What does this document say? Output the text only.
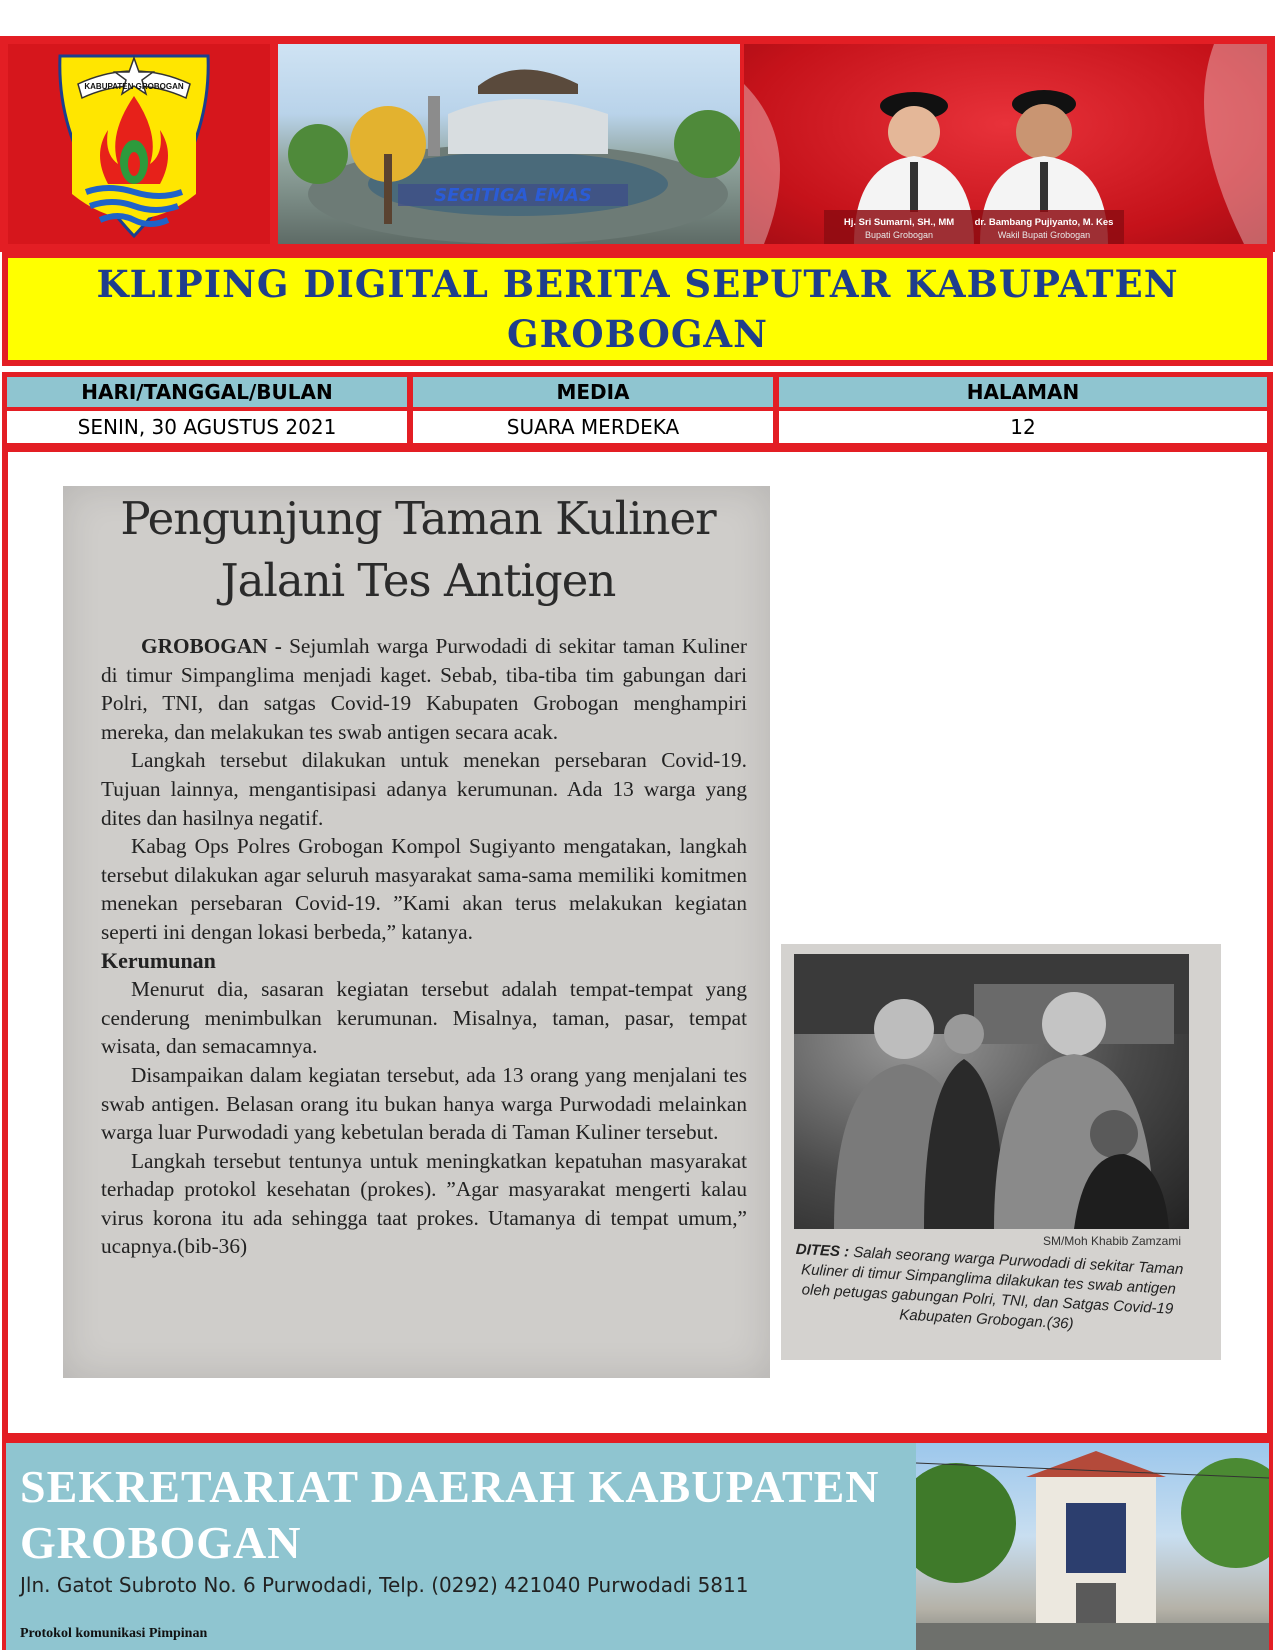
KABUPATEN GROBOGAN
SEGITIGA EMAS
Hj. Sri Sumarni, SH., MM
Bupati Grobogan
dr. Bambang Pujiyanto, M. Kes
Wakil Bupati Grobogan
KLIPING DIGITAL BERITA SEPUTAR KABUPATEN GROBOGAN
HARI/TANGGAL/BULAN	MEDIA	HALAMAN
SENIN, 30 AGUSTUS 2021	SUARA MERDEKA	12
Pengunjung Taman Kuliner Jalani Tes Antigen

GROBOGAN - Sejumlah warga Purwodadi di sekitar taman Kuliner di timur Simpanglima menjadi kaget. Sebab, tiba-tiba tim gabungan dari Polri, TNI, dan satgas Covid-19 Kabupaten Grobogan menghampiri mereka, dan melakukan tes swab antigen secara acak.

Langkah tersebut dilakukan untuk menekan persebaran Covid-19. Tujuan lainnya, mengantisipasi adanya kerumunan. Ada 13 warga yang dites dan hasilnya negatif.

Kabag Ops Polres Grobogan Kompol Sugiyanto mengatakan, langkah tersebut dilakukan agar seluruh masyarakat sama-sama memiliki komitmen menekan persebaran Covid-19. ”Kami akan terus melakukan kegiatan seperti ini dengan lokasi berbeda,” katanya.

Kerumunan

Menurut dia, sasaran kegiatan tersebut adalah tempat-tempat yang cenderung menimbulkan kerumunan. Misalnya, taman, pasar, tempat wisata, dan semacamnya.

Disampaikan dalam kegiatan tersebut, ada 13 orang yang menjalani tes swab antigen. Belasan orang itu bukan hanya warga Purwodadi melainkan warga luar Purwodadi yang kebetulan berada di Taman Kuliner tersebut.

Langkah tersebut tentunya untuk meningkatkan kepatuhan masyarakat terhadap protokol kesehatan (prokes). ”Agar masyarakat mengerti kalau virus korona itu ada sehingga taat prokes. Utamanya di tempat umum,” ucapnya.(bib-36)	SM/Moh Khabib Zamzami
DITES : Salah seorang warga Purwodadi di sekitar Taman Kuliner di timur Simpanglima dilakukan tes swab antigen oleh petugas gabungan Polri, TNI, dan Satgas Covid-19 Kabupaten Grobogan.(36)
SEKRETARIAT DAERAH KABUPATEN GROBOGAN
Jln. Gatot Subroto No. 6 Purwodadi, Telp. (0292) 421040 Purwodadi 5811
Protokol komunikasi Pimpinan
